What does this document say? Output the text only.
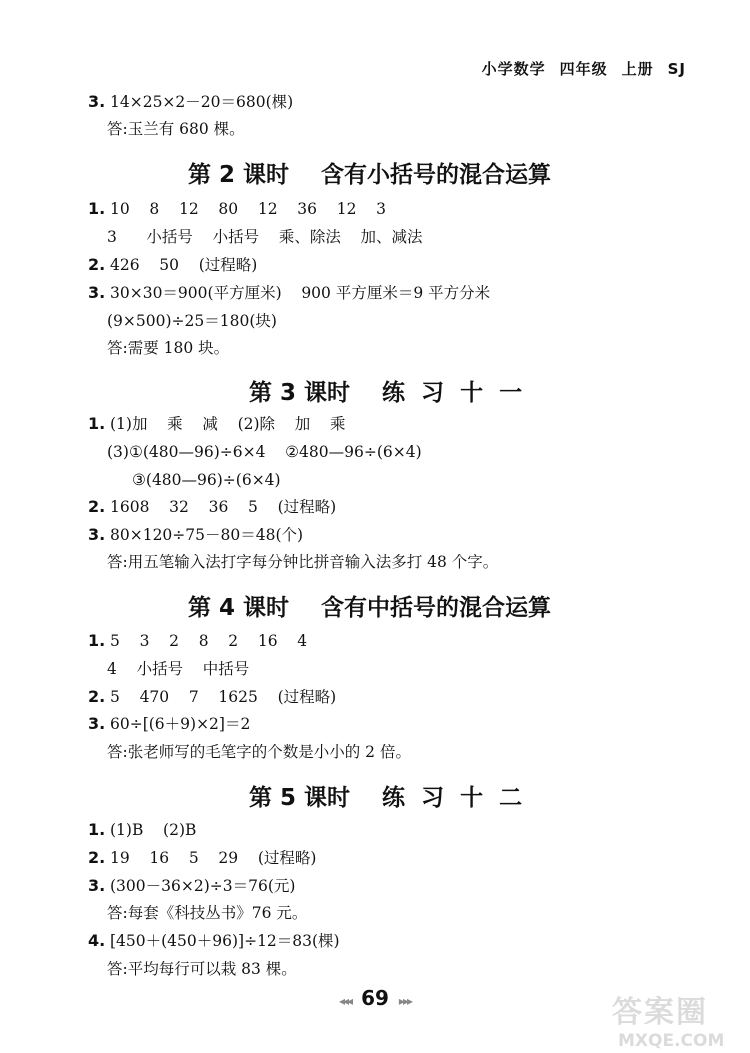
小学数学 四年级 上册 SJ
3. 14×25×2－20＝680(棵)
答:玉兰有 680 棵。
第 2 课时    含有小括号的混合运算
1. 10    8    12    80    12    36    12    3
3      小括号    小括号    乘、除法    加、减法
2. 426    50    (过程略)
3. 30×30＝900(平方厘米)    900 平方厘米＝9 平方分米
(9×500)÷25＝180(块)
答:需要 180 块。
第 3 课时    练  习  十  一
1. (1)加    乘    减    (2)除    加    乘
(3)①(480—96)÷6×4    ②480—96÷(6×4)
③(480—96)÷(6×4)
2. 1608    32    36    5    (过程略)
3. 80×120÷75－80＝48(个)
答:用五笔输入法打字每分钟比拼音输入法多打 48 个字。
第 4 课时    含有中括号的混合运算
1. 5    3    2    8    2    16    4
4    小括号    中括号
2. 5    470    7    1625    (过程略)
3. 60÷[(6＋9)×2]＝2
答:张老师写的毛笔字的个数是小小的 2 倍。
第 5 课时    练  习  十  二
1. (1)B    (2)B
2. 19    16    5    29    (过程略)
3. (300－36×2)÷3＝76(元)
答:每套《科技丛书》76 元。
4. [450＋(450＋96)]÷12＝83(棵)
答:平均每行可以栽 83 棵。
◂◂◂ 69 ▸▸▸	答案圈
MXQE.COM
